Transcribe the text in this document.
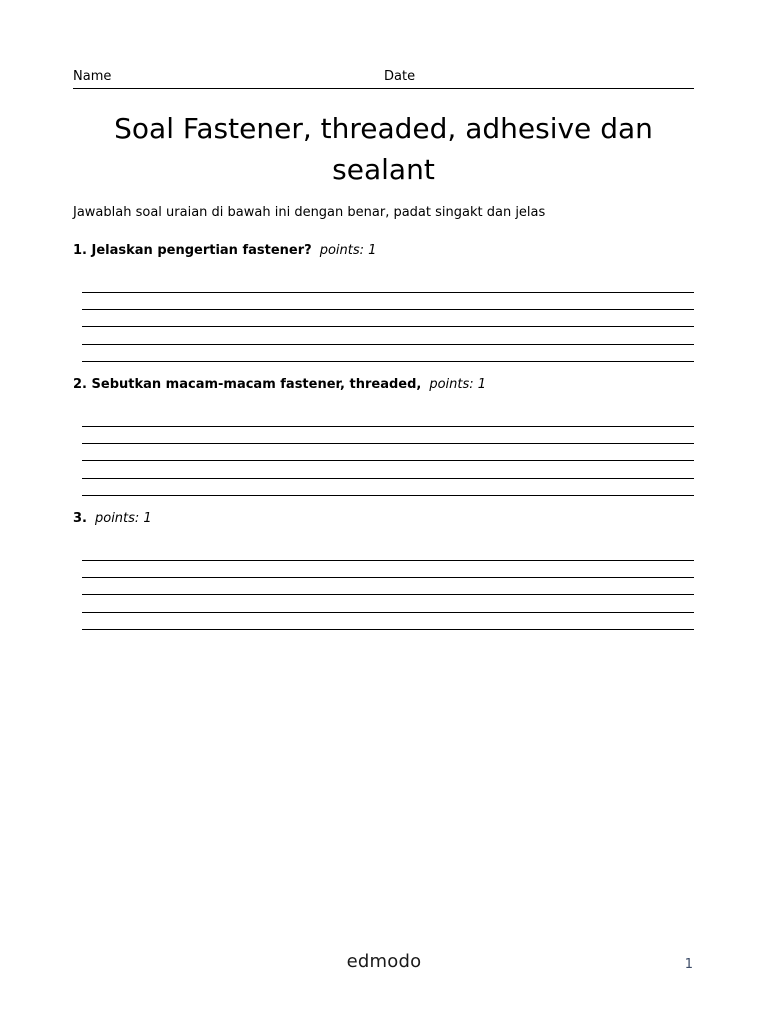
Name	Date
Soal Fastener, threaded, adhesive dan sealant
Jawablah soal uraian di bawah ini dengan benar, padat singakt dan jelas
1. Jelaskan pengertian fastener? points: 1
2. Sebutkan macam-macam fastener, threaded, points: 1
3. points: 1
edmodo	1
